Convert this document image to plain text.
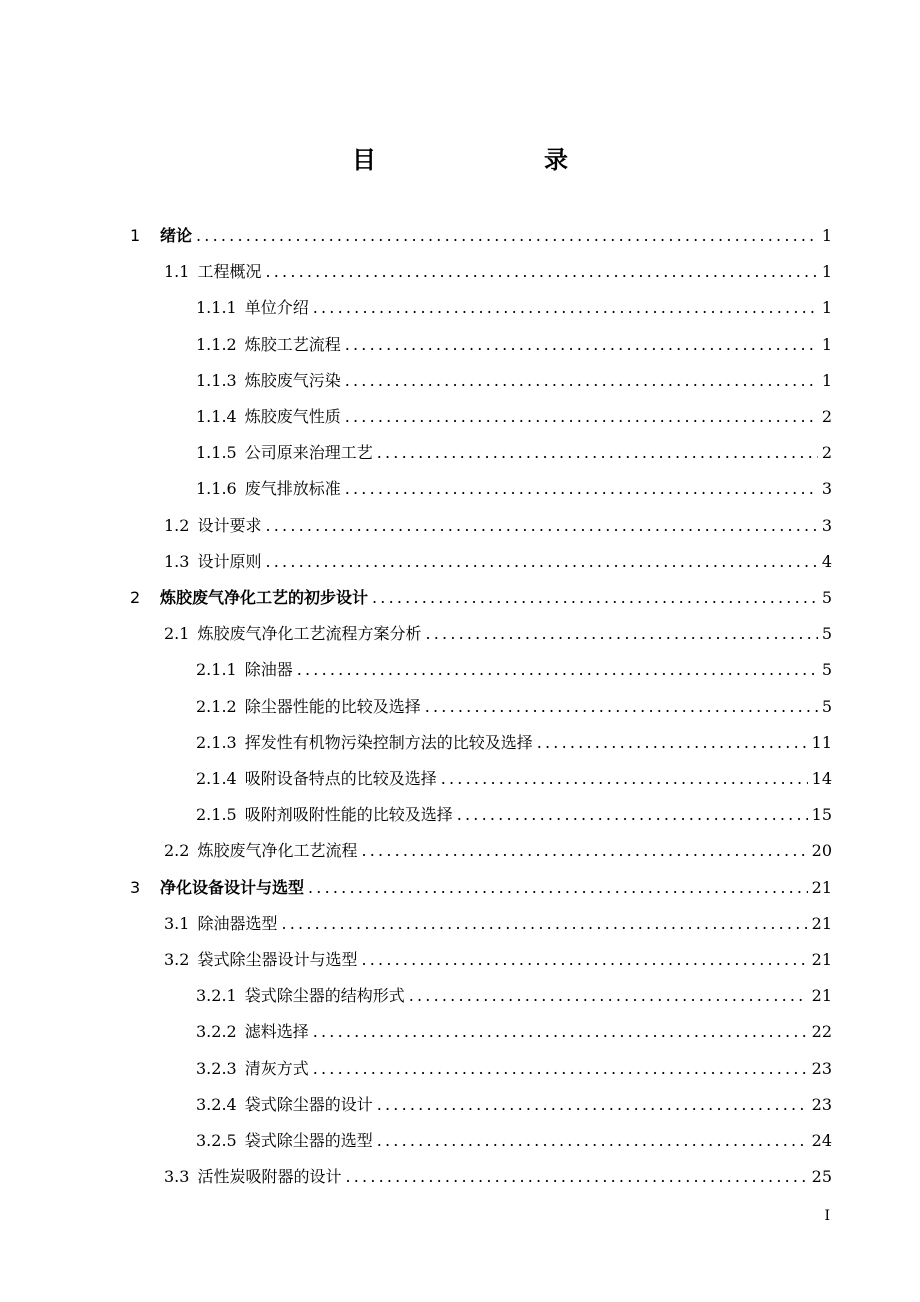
目　　录
1	绪论 .....	1
1.1 工程概况 .....	1
1.1.1 单位介绍 .....	1
1.1.2 炼胶工艺流程 .....	1
1.1.3 炼胶废气污染 .....	1
1.1.4 炼胶废气性质 .....	2
1.1.5 公司原来治理工艺 .....	2
1.1.6 废气排放标准 .....	3
1.2 设计要求 .....	3
1.3 设计原则 .....	4
2	炼胶废气净化工艺的初步设计 .....	5
2.1 炼胶废气净化工艺流程方案分析 .....	5
2.1.1 除油器 .....	5
2.1.2 除尘器性能的比较及选择 .....	5
2.1.3 挥发性有机物污染控制方法的比较及选择 .....	11
2.1.4 吸附设备特点的比较及选择 .....	14
2.1.5 吸附剂吸附性能的比较及选择 .....	15
2.2 炼胶废气净化工艺流程 .....	20
3	净化设备设计与选型 .....	21
3.1 除油器选型 .....	21
3.2 袋式除尘器设计与选型 .....	21
3.2.1 袋式除尘器的结构形式 .....	21
3.2.2 滤料选择 .....	22
3.2.3 清灰方式 .....	23
3.2.4 袋式除尘器的设计 .....	23
3.2.5 袋式除尘器的选型 .....	24
3.3 活性炭吸附器的设计 .....	25
I
